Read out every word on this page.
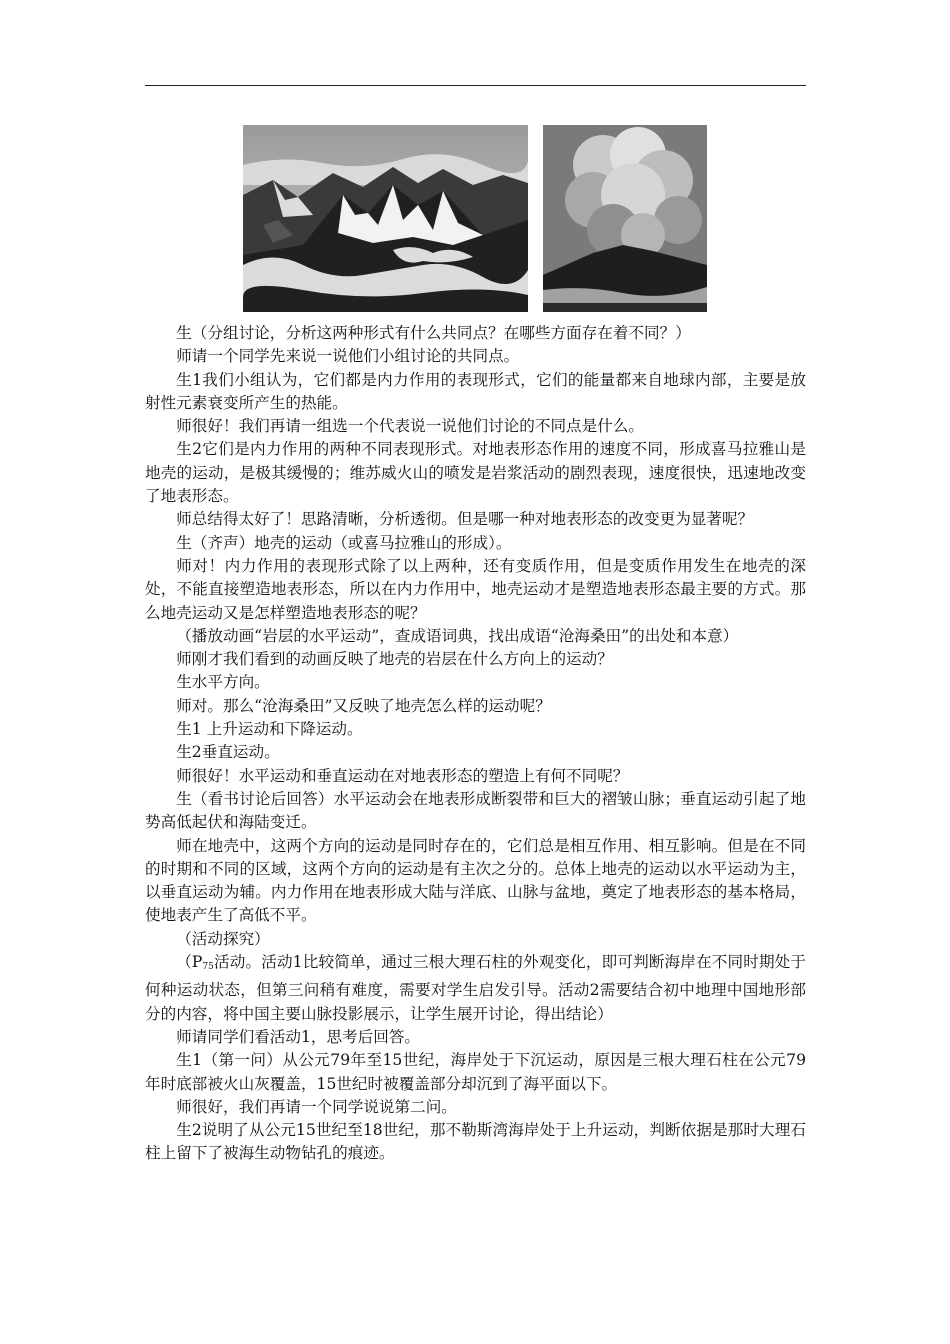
生（分组讨论，分析这两种形式有什么共同点？在哪些方面存在着不同？）

师请一个同学先来说一说他们小组讨论的共同点。

生1我们小组认为，它们都是内力作用的表现形式，它们的能量都来自地球内部，主要是放射性元素衰变所产生的热能。

师很好！我们再请一组选一个代表说一说他们讨论的不同点是什么。

生2它们是内力作用的两种不同表现形式。对地表形态作用的速度不同，形成喜马拉雅山是地壳的运动，是极其缓慢的；维苏威火山的喷发是岩浆活动的剧烈表现，速度很快，迅速地改变了地表形态。

师总结得太好了！思路清晰，分析透彻。但是哪一种对地表形态的改变更为显著呢？

生（齐声）地壳的运动（或喜马拉雅山的形成）。

师对！内力作用的表现形式除了以上两种，还有变质作用，但是变质作用发生在地壳的深处，不能直接塑造地表形态，所以在内力作用中，地壳运动才是塑造地表形态最主要的方式。那么地壳运动又是怎样塑造地表形态的呢？

（播放动画“岩层的水平运动”，查成语词典，找出成语“沧海桑田”的出处和本意）

师刚才我们看到的动画反映了地壳的岩层在什么方向上的运动？

生水平方向。

师对。那么“沧海桑田”又反映了地壳怎么样的运动呢？

生1 上升运动和下降运动。

生2垂直运动。

师很好！水平运动和垂直运动在对地表形态的塑造上有何不同呢？

生（看书讨论后回答）水平运动会在地表形成断裂带和巨大的褶皱山脉；垂直运动引起了地势高低起伏和海陆变迁。

师在地壳中，这两个方向的运动是同时存在的，它们总是相互作用、相互影响。但是在不同的时期和不同的区域，这两个方向的运动是有主次之分的。总体上地壳的运动以水平运动为主，以垂直运动为辅。内力作用在地表形成大陆与洋底、山脉与盆地，奠定了地表形态的基本格局，使地表产生了高低不平。

（活动探究）

（$P_{75}$活动。活动1比较简单，通过三根大理石柱的外观变化，即可判断海岸在不同时期处于何种运动状态，但第三问稍有难度，需要对学生启发引导。活动2需要结合初中地理中国地形部分的内容，将中国主要山脉投影展示，让学生展开讨论，得出结论）

师请同学们看活动1，思考后回答。

生1（第一问）从公元79年至15世纪，海岸处于下沉运动，原因是三根大理石柱在公元79年时底部被火山灰覆盖，15世纪时被覆盖部分却沉到了海平面以下。

师很好，我们再请一个同学说说第二问。

生2说明了从公元15世纪至18世纪，那不勒斯湾海岸处于上升运动，判断依据是那时大理石柱上留下了被海生动物钻孔的痕迹。
